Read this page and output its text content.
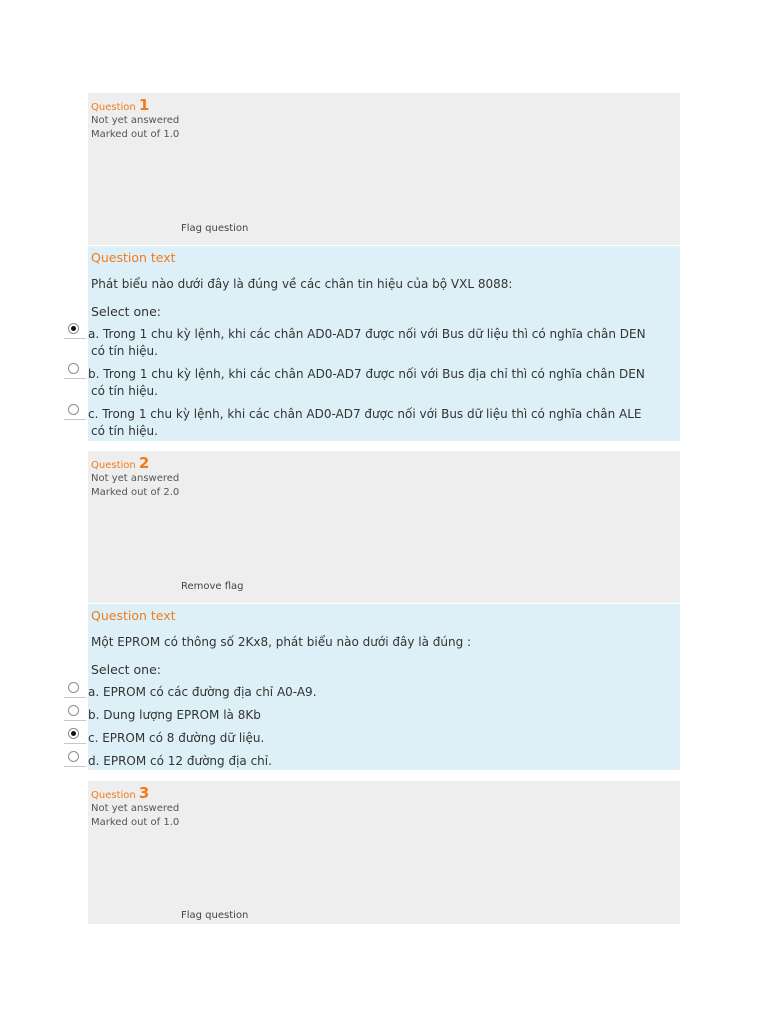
Question 1
Not yet answered
Marked out of 1.0
Flag question
Question text
Phát biểu nào dưới đây là đúng về các chân tin hiệu của bộ VXL 8088:
Select one:
a. Trong 1 chu kỳ lệnh, khi các chân AD0-AD7 được nối với Bus dữ liệu thì có nghĩa chân DEN
có tín hiệu.
b. Trong 1 chu kỳ lệnh, khi các chân AD0-AD7 được nối với Bus địa chỉ thì có nghĩa chân DEN
có tín hiệu.
c. Trong 1 chu kỳ lệnh, khi các chân AD0-AD7 được nối với Bus dữ liệu thì có nghĩa chân ALE
có tín hiệu.
Question 2
Not yet answered
Marked out of 2.0
Remove flag
Question text
Một EPROM có thông số 2Kx8, phát biểu nào dưới đây là đúng :
Select one:
a. EPROM có các đường địa chỉ A0-A9.
b. Dung lượng EPROM là 8Kb
c. EPROM có 8 đường dữ liệu.
d. EPROM có 12 đường địa chỉ.
Question 3
Not yet answered
Marked out of 1.0
Flag question
